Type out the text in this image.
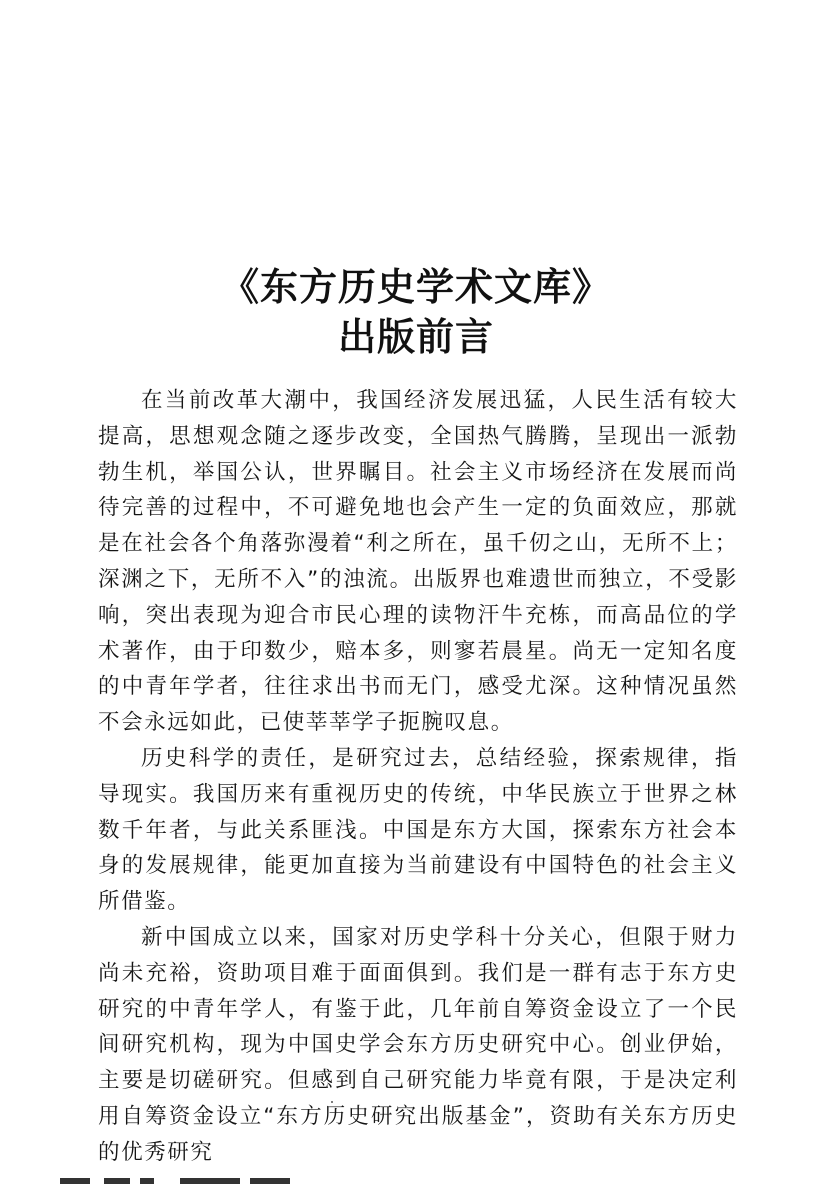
《东方历史学术文库》
出版前言

在当前改革大潮中，我国经济发展迅猛，人民生活有较大提高，思想观念随之逐步改变，全国热气腾腾，呈现出一派勃勃生机，举国公认，世界瞩目。社会主义市场经济在发展而尚待完善的过程中，不可避免地也会产生一定的负面效应，那就是在社会各个角落弥漫着“利之所在，虽千仞之山，无所不上；深渊之下，无所不入”的浊流。出版界也难遗世而独立，不受影响，突出表现为迎合市民心理的读物汗牛充栋，而高品位的学术著作，由于印数少，赔本多，则寥若晨星。尚无一定知名度的中青年学者，往往求出书而无门，感受尤深。这种情况虽然不会永远如此，已使莘莘学子扼腕叹息。

历史科学的责任，是研究过去，总结经验，探索规律，指导现实。我国历来有重视历史的传统，中华民族立于世界之林数千年者，与此关系匪浅。中国是东方大国，探索东方社会本身的发展规律，能更加直接为当前建设有中国特色的社会主义所借鉴。

新中国成立以来，国家对历史学科十分关心，但限于财力尚未充裕，资助项目难于面面俱到。我们是一群有志于东方史研究的中青年学人，有鉴于此，几年前自筹资金设立了一个民间研究机构，现为中国史学会东方历史研究中心。创业伊始，主要是切磋研究。但感到自己研究能力毕竟有限，于是决定利用自筹资金设立“东方历史研究出版基金”，资助有关东方历史的优秀研究
